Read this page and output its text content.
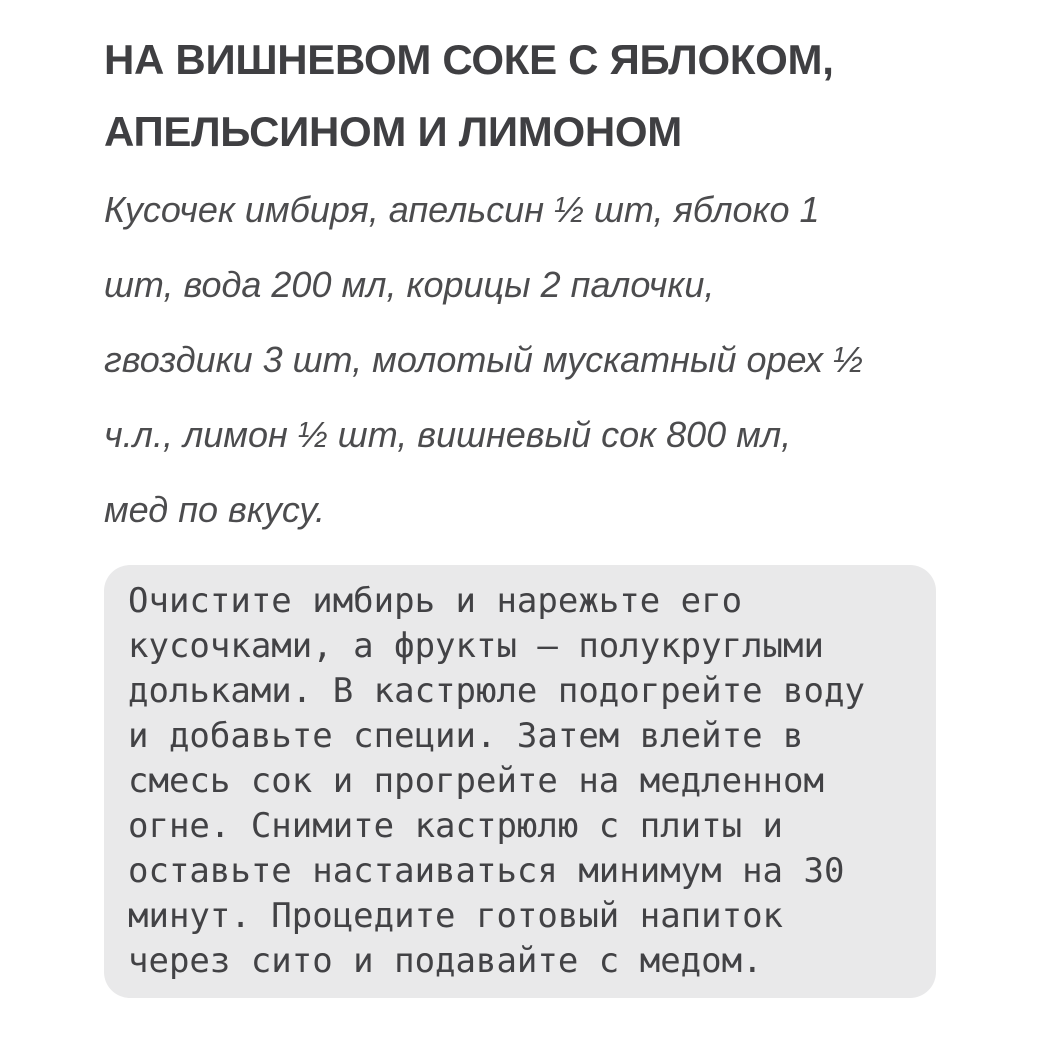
НА ВИШНЕВОМ СОКЕ С ЯБЛОКОМ,
АПЕЛЬСИНОМ И ЛИМОНОМ

Кусочек имбиря, апельсин ½ шт, яблоко 1
шт, вода 200 мл, корицы 2 палочки,
гвоздики 3 шт, молотый мускатный орех ½
ч.л., лимон ½ шт, вишневый сок 800 мл,
мед по вкусу.

Очистите имбирь и нарежьте его
кусочками, а фрукты — полукруглыми
дольками. В кастрюле подогрейте воду
и добавьте специи. Затем влейте в
смесь сок и прогрейте на медленном
огне. Снимите кастрюлю с плиты и
оставьте настаиваться минимум на 30
минут. Процедите готовый напиток
через сито и подавайте с медом.
